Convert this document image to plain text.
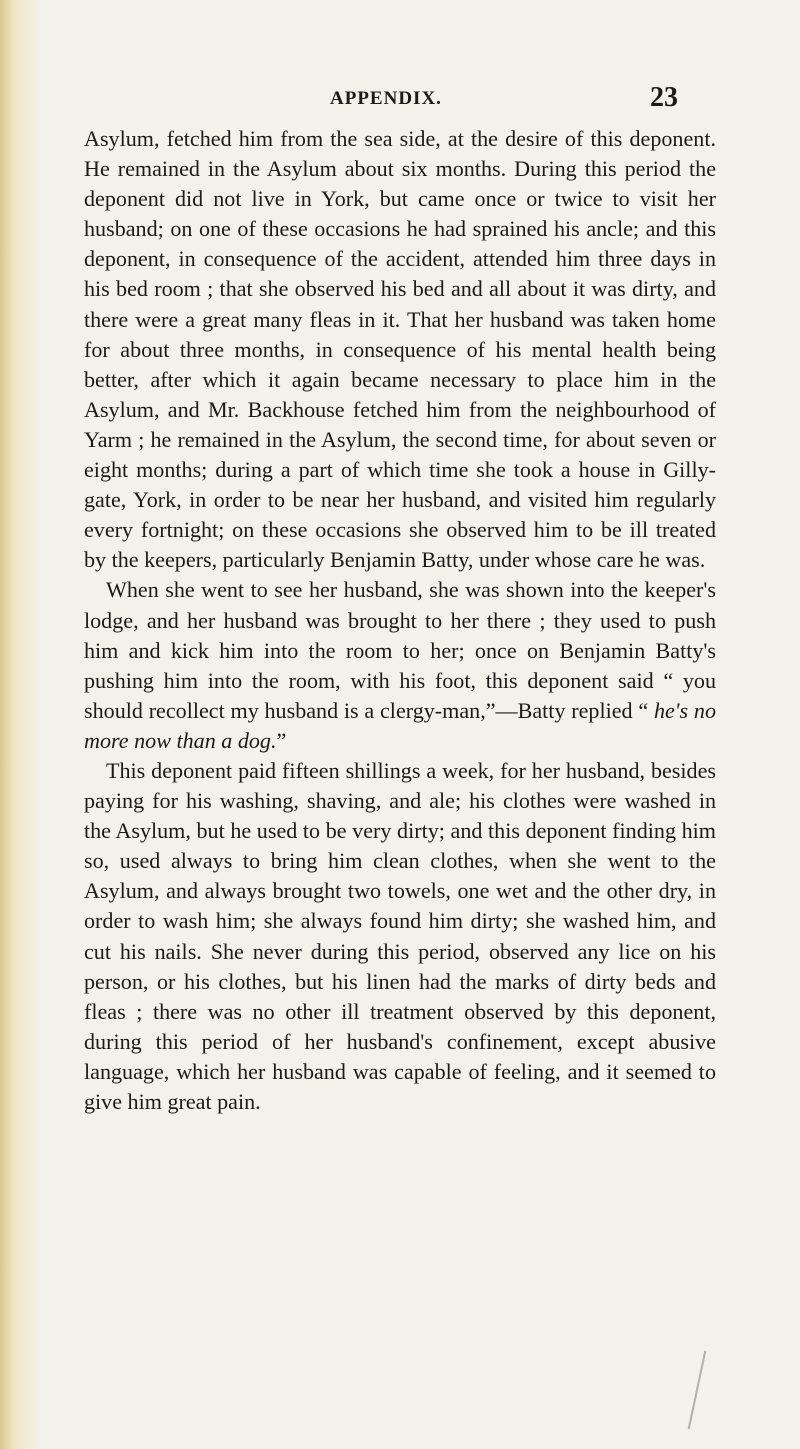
APPENDIX.	23

Asylum, fetched him from the sea side, at the desire of this deponent. He remained in the Asylum about six months. During this period the deponent did not live in York, but came once or twice to visit her husband; on one of these occasions he had sprained his ancle; and this deponent, in consequence of the accident, attended him three days in his bed room ; that she observed his bed and all about it was dirty, and there were a great many fleas in it. That her husband was taken home for about three months, in consequence of his mental health being better, after which it again became necessary to place him in the Asylum, and Mr. Backhouse fetched him from the neighbourhood of Yarm ; he remained in the Asylum, the second time, for about seven or eight months; during a part of which time she took a house in Gilly-gate, York, in order to be near her husband, and visited him regularly every fortnight; on these occasions she observed him to be ill treated by the keepers, particularly Benjamin Batty, under whose care he was.

When she went to see her husband, she was shown into the keeper's lodge, and her husband was brought to her there ; they used to push him and kick him into the room to her; once on Benjamin Batty's pushing him into the room, with his foot, this deponent said “ you should recollect my husband is a clergy-man,”—Batty replied “ he's no more now than a dog.”

This deponent paid fifteen shillings a week, for her husband, besides paying for his washing, shaving, and ale; his clothes were washed in the Asylum, but he used to be very dirty; and this deponent finding him so, used always to bring him clean clothes, when she went to the Asylum, and always brought two towels, one wet and the other dry, in order to wash him; she always found him dirty; she washed him, and cut his nails. She never during this period, observed any lice on his person, or his clothes, but his linen had the marks of dirty beds and fleas ; there was no other ill treatment observed by this deponent, during this period of her husband's confinement, except abusive language, which her husband was capable of feeling, and it seemed to give him great pain.
